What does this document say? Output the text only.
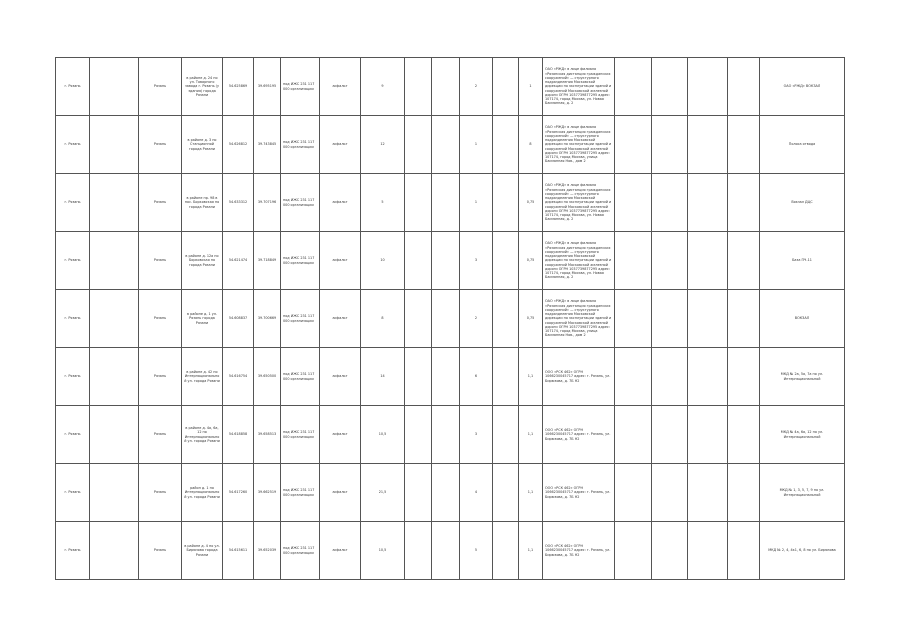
г. Рязань		Рязань	в районе д. 24 по ул. Товарного завода г. Рязань (у здания) города Рязани	54.625869	39.695195	под ИЖС 231 117 000 организации	асфальт	9			2		1	ОАО «РЖД» в лице филиала «Рязанская дистанция гражданских сооружений» — структурного подразделения Московской дирекции по эксплуатации зданий и сооружений Московской железной дороги ОГРН 1037739877295 адрес: 107174, город Москва, ул. Новая Басманная, д. 2					ОАО «РЖД» ВОКЗАЛ
г. Рязань		Рязань	в районе д. 3 по Станционной города Рязани	54.626812	39.743845	под ИЖС 231 117 000 организации	асфальт	12			1		8	ОАО «РЖД» в лице филиала «Рязанская дистанция гражданских сооружений» — структурного подразделения Московской дирекции по эксплуатации зданий и сооружений Московской железной дороги ОГРН 1037739877295 адрес: 107174, город Москва, улица Басманная Нов., дом 2					Полоса отвода
г. Рязань		Рязань	в районе пр. 98 в пос. Борковская по города Рязани	54.633312	39.707196	под ИЖС 231 117 000 организации	асфальт	5			1		0,75	ОАО «РЖД» в лице филиала «Рязанская дистанция гражданских сооружений» — структурного подразделения Московской дирекции по эксплуатации зданий и сооружений Московской железной дороги ОГРН 1037739877295 адрес: 107174, город Москва, ул. Новая Басманная, д. 2					Вокзал ДЦС
г. Рязань		Рязань	в районе д. 12а по Борковская по города Рязани	54.621474	39.718849	под ИЖС 231 117 000 организации	асфальт	10			3		0,75	ОАО «РЖД» в лице филиала «Рязанская дистанция гражданских сооружений» — структурного подразделения Московской дирекции по эксплуатации зданий и сооружений Московской железной дороги ОГРН 1037739877295 адрес: 107174, город Москва, ул. Новая Басманная, д. 2					База ПЧ-11
г. Рязань		Рязань	в районе д. 1 ул. Рязань города Рязани	54.608837	39.700669	под ИЖС 231 117 000 организации	асфальт	8			2		0,75	ОАО «РЖД» в лице филиала «Рязанская дистанция гражданских сооружений» — структурного подразделения Московской дирекции по эксплуатации зданий и сооружений Московской железной дороги ОГРН 1037739877295 адрес: 107174, город Москва, улица Басманная Нов., дом 2					ВОКЗАЛ
г. Рязань		Рязань	в районе д. 42 по Интернациональной ул. города Рязани	54.616754	39.650500	под ИЖС 231 117 000 организации	асфальт	14			6		1,1	ООО «РСК 462» ОГРН 1066230045717 адрес: г. Рязань, ул. Бирюзова, д. 7Б Н2					МКД № 2а, 5а, 7а по ул. Интернациональной
г. Рязань		Рязань	в районе д. 4а, 6а, 12 по Интернациональной ул. города Рязани	54.618858	39.658513	под ИЖС 231 117 000 организации	асфальт	10,5			3		1,1	ООО «РСК 462» ОГРН 1066230045717 адрес: г. Рязань, ул. Бирюзова, д. 7Б Н2					МКД № 4а, 6а, 12 по ул. Интернациональной
г. Рязань		Рязань	район д. 1 по Интернациональной ул. города Рязани	54.617260	39.662519	под ИЖС 231 117 000 организации	асфальт	21,5			4		1,1	ООО «РСК 462» ОГРН 1066230045717 адрес: г. Рязань, ул. Бирюзова, д. 7Б Н2					МКД № 1, 3, 5, 7, 9 по ул. Интернациональной
г. Рязань		Рязань	в районе д. 4 по ул. Бирюзова города Рязани	54.615611	39.652039	под ИЖС 231 117 000 организации	асфальт	10,5			5		1,1	ООО «РСК 462» ОГРН 1066230045717 адрес: г. Рязань, ул. Бирюзова, д. 7Б Н2					МКД № 2, 4, 4к1, 6, 8 по ул. Бирюзова
